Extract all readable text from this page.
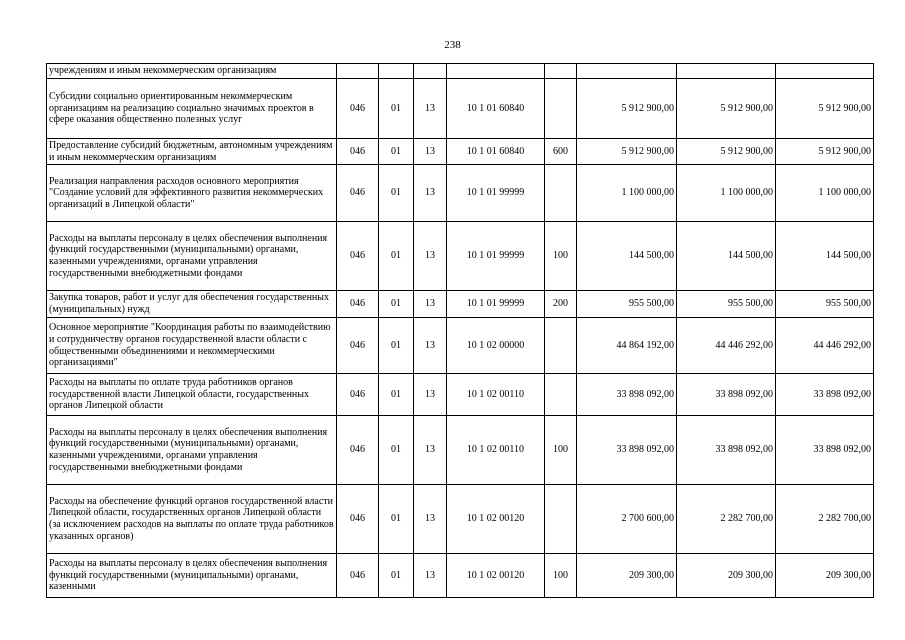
238
учреждениям и иным некоммерческим организациям								
Субсидии социально ориентированным некоммерческим организациям на реализацию социально значимых проектов в сфере оказания общественно полезных услуг	046	01	13	10 1 01 60840		5 912 900,00	5 912 900,00	5 912 900,00
Предоставление субсидий бюджетным, автономным учреждениям и иным некоммерческим организациям	046	01	13	10 1 01 60840	600	5 912 900,00	5 912 900,00	5 912 900,00
Реализация направления расходов основного мероприятия "Создание условий для эффективного развития некоммерческих организаций в Липецкой области"	046	01	13	10 1 01 99999		1 100 000,00	1 100 000,00	1 100 000,00
Расходы на выплаты персоналу в целях обеспечения выполнения функций государственными (муниципальными) органами, казенными учреждениями, органами управления государственными внебюджетными фондами	046	01	13	10 1 01 99999	100	144 500,00	144 500,00	144 500,00
Закупка товаров, работ и услуг для обеспечения государственных (муниципальных) нужд	046	01	13	10 1 01 99999	200	955 500,00	955 500,00	955 500,00
Основное мероприятие "Координация работы по взаимодействию и сотрудничеству органов государственной власти области с общественными объединениями и некоммерческими организациями"	046	01	13	10 1 02 00000		44 864 192,00	44 446 292,00	44 446 292,00
Расходы на выплаты по оплате труда работников органов государственной власти Липецкой области, государственных органов Липецкой области	046	01	13	10 1 02 00110		33 898 092,00	33 898 092,00	33 898 092,00
Расходы на выплаты персоналу в целях обеспечения выполнения функций государственными (муниципальными) органами, казенными учреждениями, органами управления государственными внебюджетными фондами	046	01	13	10 1 02 00110	100	33 898 092,00	33 898 092,00	33 898 092,00
Расходы на обеспечение функций органов государственной власти Липецкой области, государственных органов Липецкой области (за исключением расходов на выплаты по оплате труда работников указанных органов)	046	01	13	10 1 02 00120		2 700 600,00	2 282 700,00	2 282 700,00
Расходы на выплаты персоналу в целях обеспечения выполнения функций государственными (муниципальными) органами, казенными	046	01	13	10 1 02 00120	100	209 300,00	209 300,00	209 300,00
